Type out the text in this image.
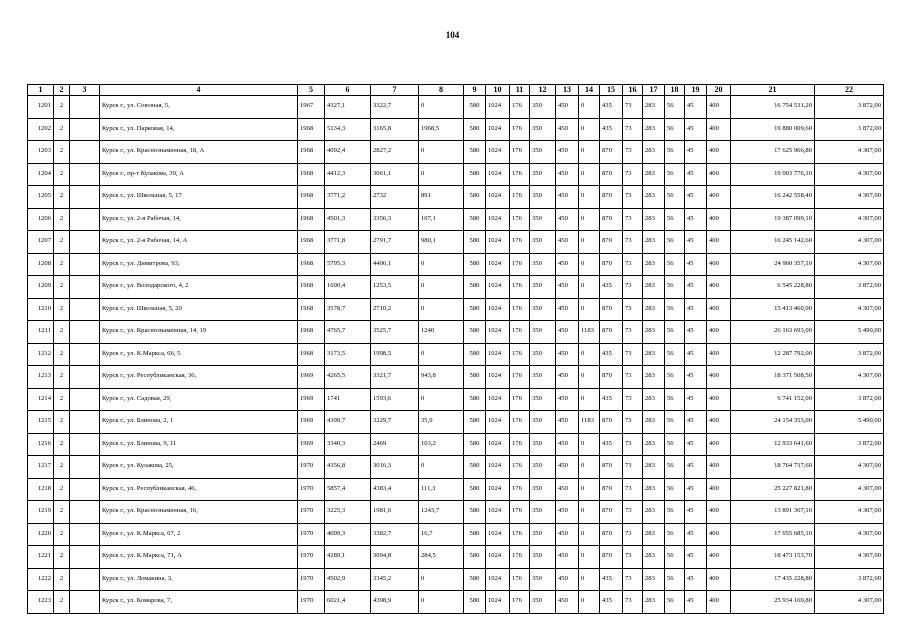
104
1	2	3	4	5	6	7	8	9	10	11	12	13	14	15	16	17	18	19	20	21	22
1201	2		Курск г., ул. Союзная, 5,	1967	4327,1	3322,7	0	580	1024	176	350	450	0	435	73	283	56	45	400	16 754 531,20	3 872,00
1202	2		Курск г., ул. Парковая, 14,	1968	5134,3	3165,8	1968,5	580	1024	176	350	450	0	435	73	283	56	45	400	19 880 009,60	3 872,00
1203	2		Курск г., ул. Краснознаменная, 18, А	1968	4092,4	2827,2	0	580	1024	176	350	450	0	870	73	283	56	45	400	17 625 966,80	4 307,00
1204	2		Курск г., пр-т Кулакова, 39, А	1968	4412,3	3061,1	0	580	1024	176	350	450	0	870	73	283	56	45	400	19 003 776,10	4 307,00
1205	2		Курск г., ул. Школьная, 5, 17	1968	3771,2	2732	891	580	1024	176	350	450	0	870	73	283	56	45	400	16 242 558,40	4 307,00
1206	2		Курск г., ул. 2-я Рабочая, 14,	1968	4501,3	3356,3	107,1	580	1024	176	350	450	0	870	73	283	56	45	400	19 387 099,10	4 307,00
1207	2		Курск г., ул. 2-я Рабочая, 14, А	1968	3771,8	2791,7	980,1	580	1024	176	350	450	0	870	73	283	56	45	400	16 245 142,60	4 307,00
1208	2		Курск г., ул. Димитрова, 93,	1968	5795,3	4406,1	0	580	1024	176	350	450	0	870	73	283	56	45	400	24 960 357,10	4 307,00
1209	2		Курск г., ул. Володарского, 4, 2	1968	1690,4	1253,5	0	580	1024	176	350	450	0	435	73	283	56	45	400	6 545 228,80	3 872,00
1210	2		Курск г., ул. Школьная, 5, 20	1968	3578,7	2710,2	0	580	1024	176	350	450	0	870	73	283	56	45	400	15 413 460,90	4 307,00
1211	2		Курск г., ул. Краснознаменная, 14, 19	1968	4765,7	3525,7	1240	580	1024	176	350	450	1183	870	73	283	56	45	400	26 163 693,00	5 490,00
1212	2		Курск г., ул. К.Маркса, 66, 5	1968	3173,5	1998,5	0	580	1024	176	350	450	0	435	73	283	56	45	400	12 287 792,00	3 872,00
1213	2		Курск г., ул. Республиканская, 36,	1969	4265,5	3321,7	943,8	580	1024	176	350	450	0	870	73	283	56	45	400	18 371 508,50	4 307,00
1214	2		Курск г., ул. Садовая, 29,	1969	1741	1593,6	0	580	1024	176	350	450	0	435	73	283	56	45	400	6 741 152,00	3 872,00
1215	2		Курск г., ул. Блинова, 2, 1	1969	4399,7	3229,7	35,9	580	1024	176	350	450	1183	870	73	283	56	45	400	24 154 353,00	5 490,00
1216	2		Курск г., ул. Блинова, 9, 11	1969	3340,3	2469	103,2	580	1024	176	350	450	0	435	73	283	56	45	400	12 933 641,60	3 872,00
1217	2		Курск г., ул. Кулакова, 25,	1970	4356,8	3016,3	0	580	1024	176	350	450	0	870	73	283	56	45	400	18 764 737,60	4 307,00
1218	2		Курск г., ул. Республиканская, 46,	1970	5857,4	4383,4	111,3	580	1024	176	350	450	0	870	73	283	56	45	400	25 227 821,80	4 307,00
1219	2		Курск г., ул. Краснознаменная, 16,	1970	3225,3	1981,6	1243,7	580	1024	176	350	450	0	870	73	283	56	45	400	13 891 367,10	4 307,00
1220	2		Курск г., ул. К.Маркса, 67, 2	1970	4099,3	3382,7	16,7	580	1024	176	350	450	0	870	73	283	56	45	400	17 655 685,10	4 307,00
1221	2		Курск г., ул. К.Маркса, 71, А	1970	4289,1	3094,8	284,5	580	1024	176	350	450	0	870	73	283	56	45	400	18 473 153,70	4 307,00
1222	2		Курск г., ул. Ломакина, 3,	1970	4502,9	3345,2	0	580	1024	176	350	450	0	435	73	283	56	45	400	17 435 228,80	3 872,00
1223	2		Курск г., ул. Комарова, 7,	1970	6021,4	4398,9	0	580	1024	176	350	450	0	435	73	283	56	45	400	25 934 169,80	4 307,00
